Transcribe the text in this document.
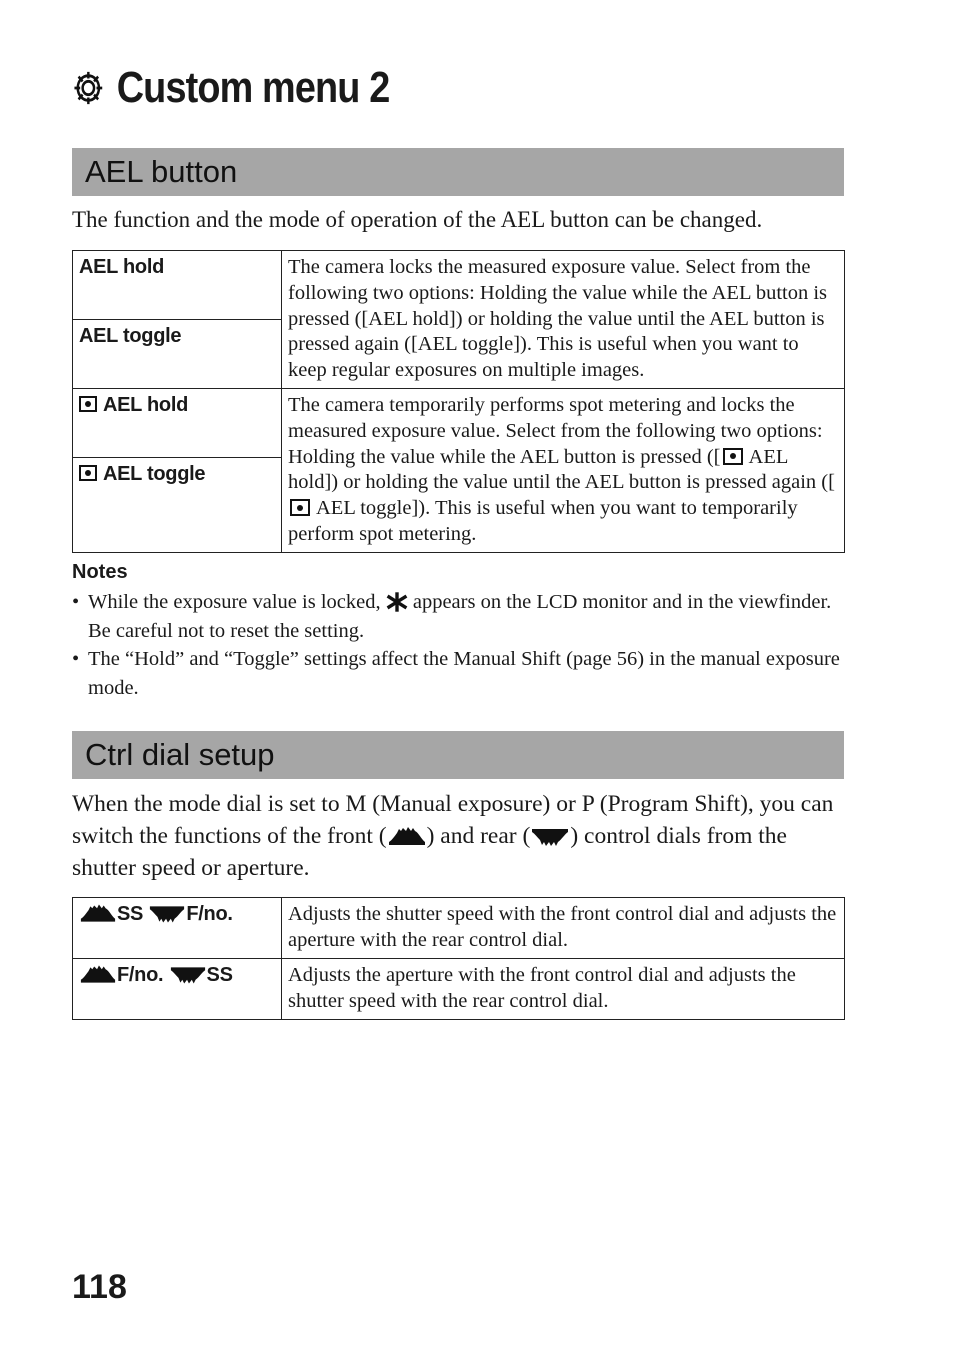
Custom menu 2
AEL button
The function and the mode of operation of the AEL button can be changed.
AEL hold	The camera locks the measured exposure value. Select from the following two options: Holding the value while the AEL button is pressed ([AEL hold]) or holding the value until the AEL button is pressed again ([AEL toggle]). This is useful when you want to keep regular exposures on multiple images.
AEL toggle	
AEL hold	The camera temporarily performs spot metering and locks the measured exposure value. Select from the following two options: Holding the value while the AEL button is pressed ([ AEL hold]) or holding the value until the AEL button is pressed again ([ AEL toggle]). This is useful when you want to temporarily perform spot metering.
AEL toggle	
Notes
• While the exposure value is locked,  appears on the LCD monitor and in the viewfinder. Be careful not to reset the setting.
• The “Hold” and “Toggle” settings affect the Manual Shift (page 56) in the manual exposure mode.
Ctrl dial setup
When the mode dial is set to M (Manual exposure) or P (Program Shift), you can switch the functions of the front ( ) and rear ( ) control dials from the shutter speed or aperture.
SS F/no.	Adjusts the shutter speed with the front control dial and adjusts the aperture with the rear control dial.
F/no. SS	Adjusts the aperture with the front control dial and adjusts the shutter speed with the rear control dial.
118
